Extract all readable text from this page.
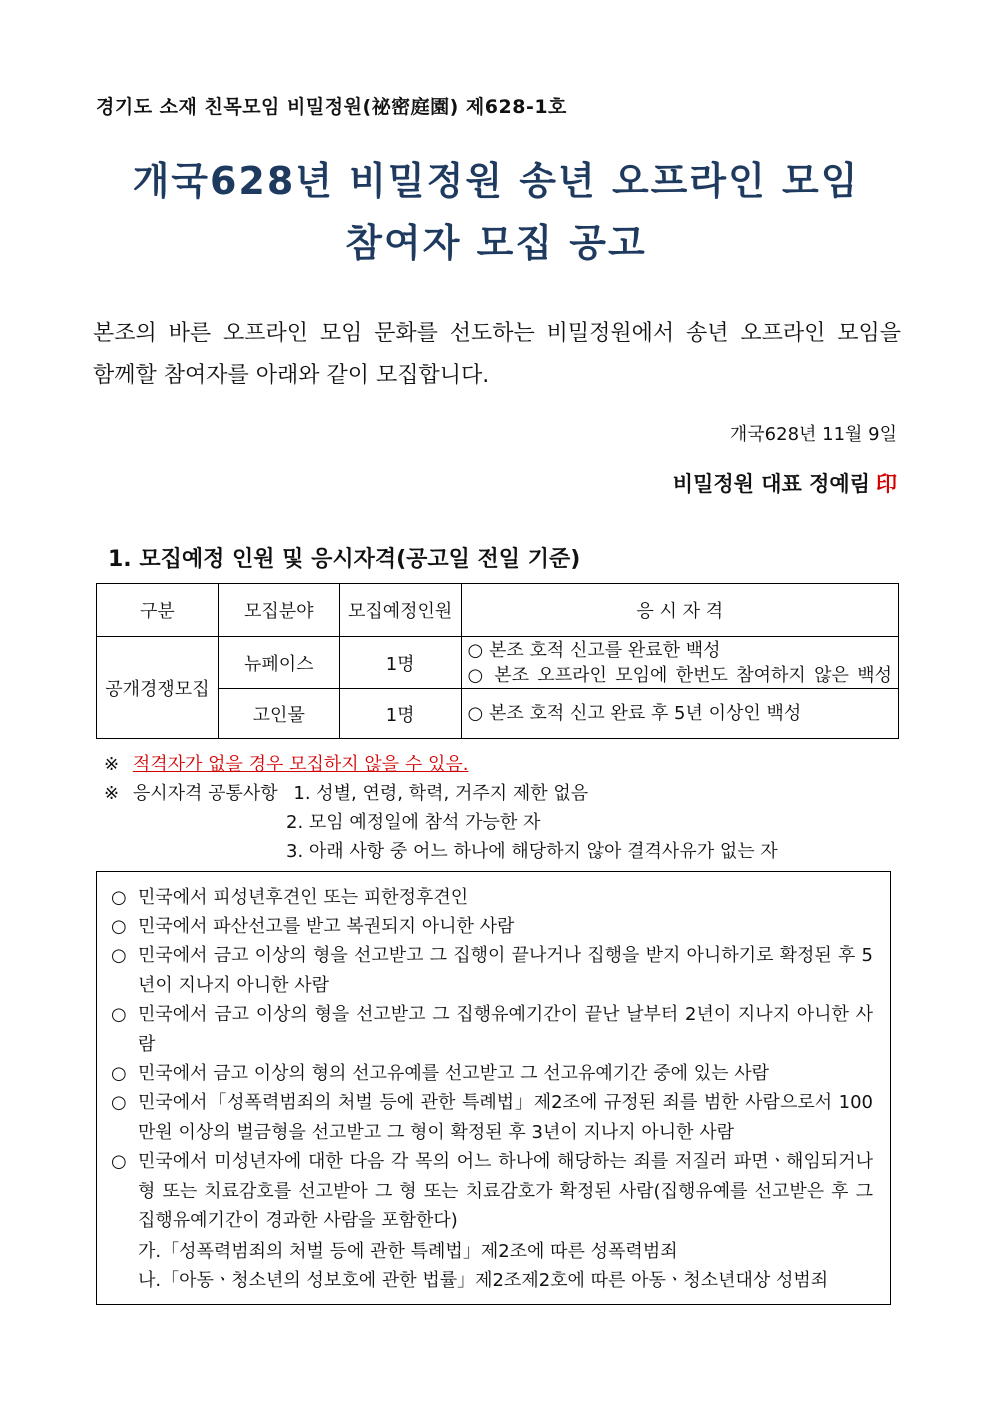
경기도 소재 친목모임 비밀정원(祕密庭園) 제628-1호
개국628년 비밀정원 송년 오프라인 모임
참여자 모집 공고
본조의 바른 오프라인 모임 문화를 선도하는 비밀정원에서 송년 오프라인 모임을
함께할 참여자를 아래와 같이 모집합니다.
개국628년 11월 9일
비밀정원 대표 정예림 印
1. 모집예정 인원 및 응시자격(공고일 전일 기준)
구분	모집분야	모집예정인원	응 시 자 격
공개경쟁모집	뉴페이스	1명	○ 본조 호적 신고를 완료한 백성
○ 본조 오프라인 모임에 한번도 참여하지 않은 백성

	고인물	1명	○ 본조 호적 신고 완료 후 5년 이상인 백성
※ 적격자가 없을 경우 모집하지 않을 수 있음.
※ 응시자격 공통사항 1. 성별, 연령, 학력, 거주지 제한 없음
2. 모임 예정일에 참석 가능한 자
3. 아래 사항 중 어느 하나에 해당하지 않아 결격사유가 없는 자
○ 민국에서 피성년후견인 또는 피한정후견인
○ 민국에서 파산선고를 받고 복권되지 아니한 사람
○ 민국에서 금고 이상의 형을 선고받고 그 집행이 끝나거나 집행을 받지 아니하기로 확정된 후 5년이 지나지 아니한 사람
○ 민국에서 금고 이상의 형을 선고받고 그 집행유예기간이 끝난 날부터 2년이 지나지 아니한 사람
○ 민국에서 금고 이상의 형의 선고유예를 선고받고 그 선고유예기간 중에 있는 사람
○ 민국에서「성폭력범죄의 처벌 등에 관한 특례법」제2조에 규정된 죄를 범한 사람으로서 100만원 이상의 벌금형을 선고받고 그 형이 확정된 후 3년이 지나지 아니한 사람
○ 민국에서 미성년자에 대한 다음 각 목의 어느 하나에 해당하는 죄를 저질러 파면ㆍ해임되거나 형 또는 치료감호를 선고받아 그 형 또는 치료감호가 확정된 사람(집행유예를 선고받은 후 그 집행유예기간이 경과한 사람을 포함한다)
가.「성폭력범죄의 처벌 등에 관한 특례법」제2조에 따른 성폭력범죄
나.「아동ㆍ청소년의 성보호에 관한 법률」제2조제2호에 따른 아동ㆍ청소년대상 성범죄
